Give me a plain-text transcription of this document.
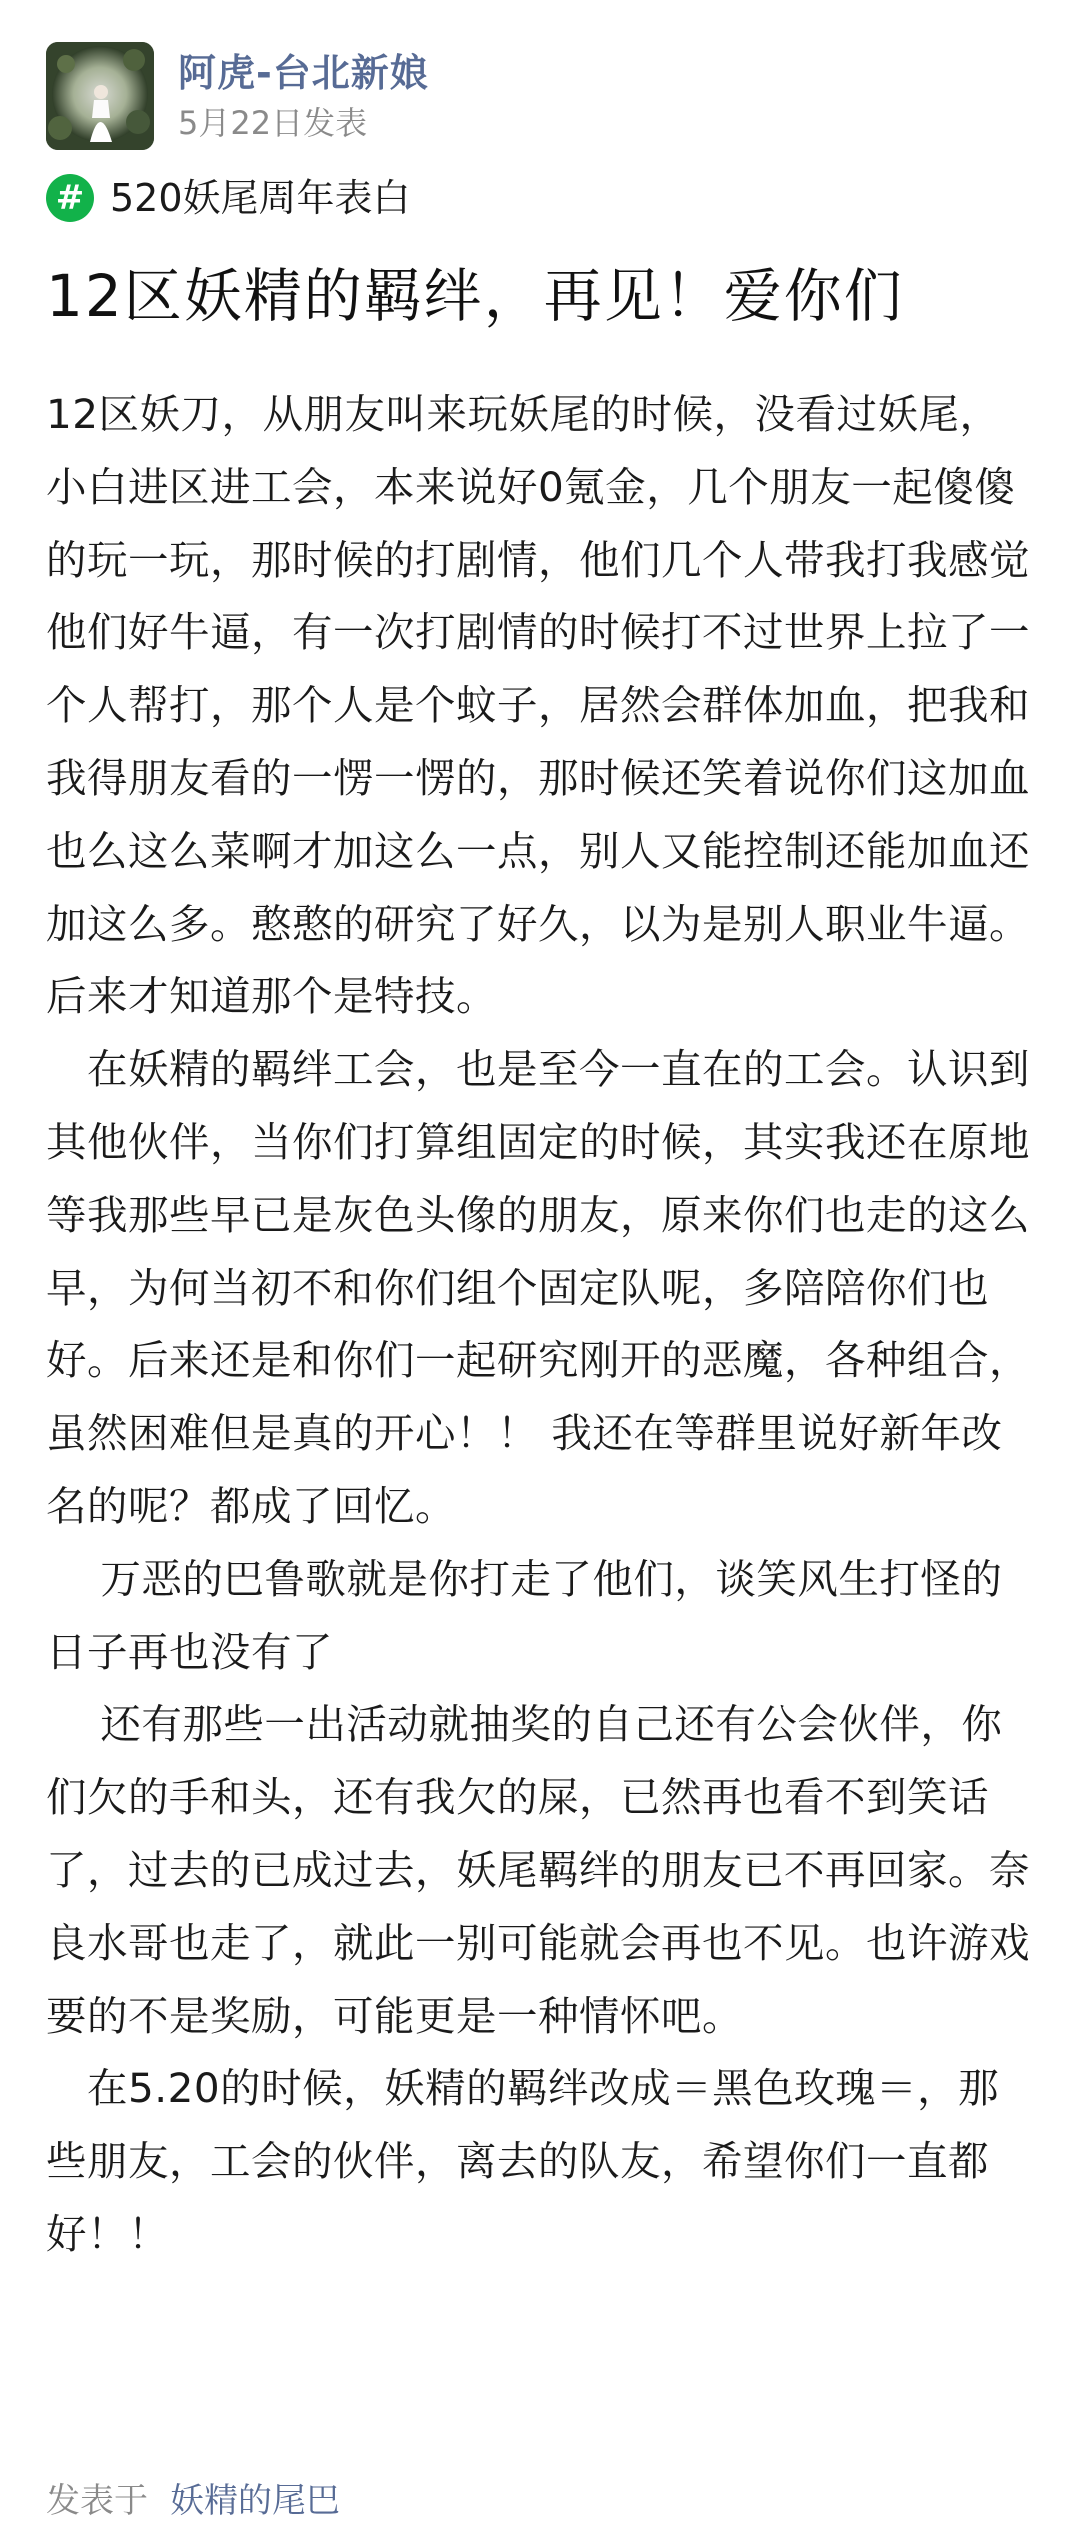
阿虎-台北新娘
5月22日发表
# 520妖尾周年表白
12区妖精的羁绊，再见！爱你们

12区妖刀，从朋友叫来玩妖尾的时候，没看过妖尾，小白进区进工会，本来说好0氪金，几个朋友一起傻傻的玩一玩，那时候的打剧情，他们几个人带我打我感觉他们好牛逼，有一次打剧情的时候打不过世界上拉了一个人帮打，那个人是个蚊子，居然会群体加血，把我和我得朋友看的一愣一愣的，那时候还笑着说你们这加血也么这么菜啊才加这么一点，别人又能控制还能加血还加这么多。憨憨的研究了好久，以为是别人职业牛逼。后来才知道那个是特技。

　在妖精的羁绊工会，也是至今一直在的工会。认识到其他伙伴，当你们打算组固定的时候，其实我还在原地等我那些早已是灰色头像的朋友，原来你们也走的这么早，为何当初不和你们组个固定队呢，多陪陪你们也好。后来还是和你们一起研究刚开的恶魔，各种组合，虽然困难但是真的开心！！ 我还在等群里说好新年改名的呢？都成了回忆。

　 万恶的巴鲁歌就是你打走了他们，谈笑风生打怪的日子再也没有了

　 还有那些一出活动就抽奖的自己还有公会伙伴，你们欠的手和头，还有我欠的屎，已然再也看不到笑话了，过去的已成过去，妖尾羁绊的朋友已不再回家。奈良水哥也走了，就此一别可能就会再也不见。也许游戏要的不是奖励，可能更是一种情怀吧。

　在5.20的时候，妖精的羁绊改成＝黑色玫瑰＝，那些朋友，工会的伙伴，离去的队友，希望你们一直都好！！

发表于 妖精的尾巴
